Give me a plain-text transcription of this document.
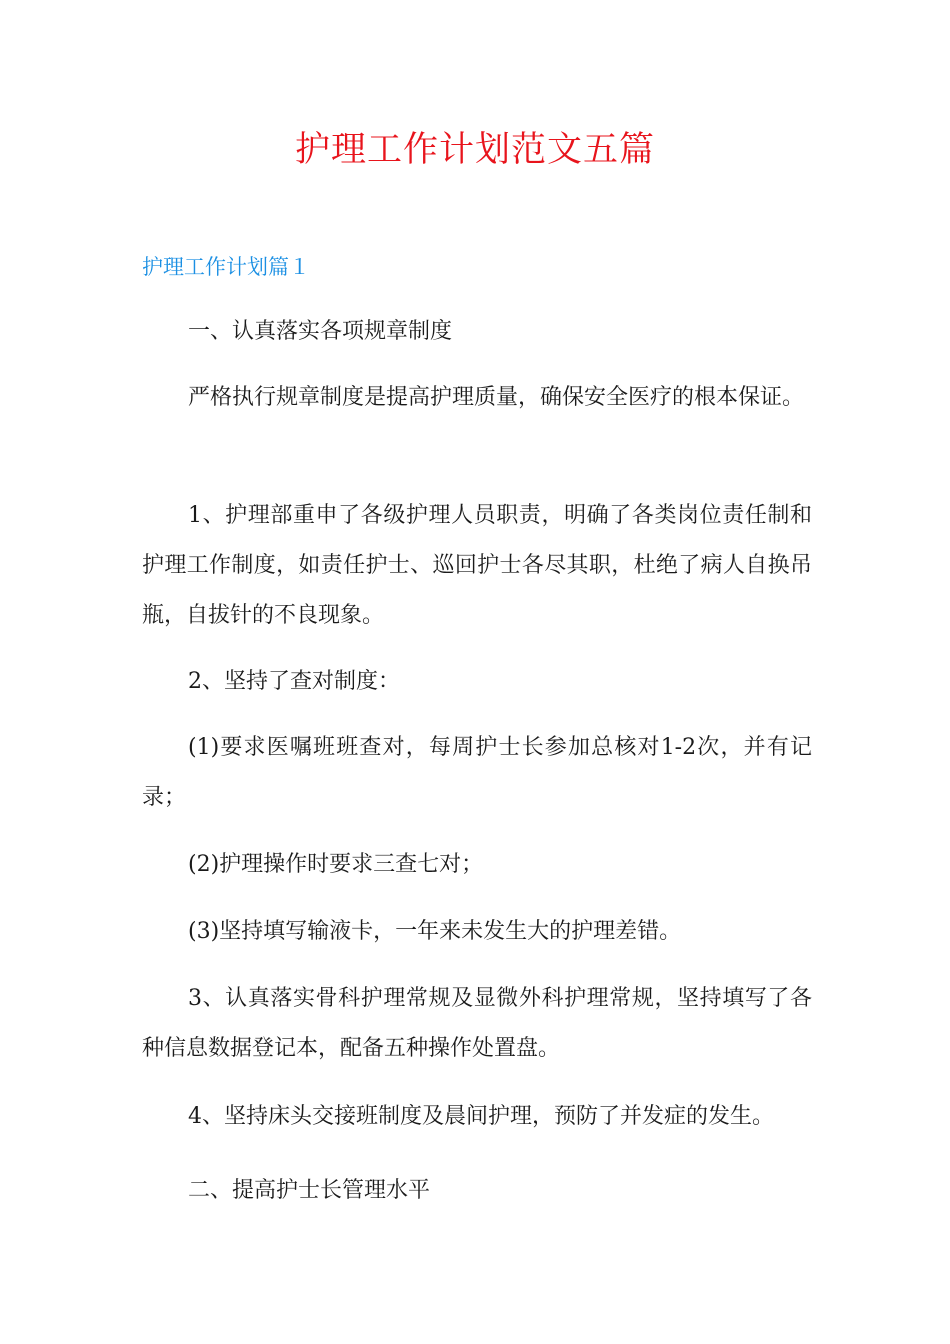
护理工作计划范文五篇
护理工作计划篇１

一、认真落实各项规章制度

严格执行规章制度是提高护理质量，确保安全医疗的根本保证。

1、护理部重申了各级护理人员职责，明确了各类岗位责任制和护理工作制度，如责任护士、巡回护士各尽其职，杜绝了病人自换吊瓶，自拔针的不良现象。

2、坚持了查对制度：

(1)要求医嘱班班查对，每周护士长参加总核对1-2次，并有记录；

(2)护理操作时要求三查七对；

(3)坚持填写输液卡，一年来未发生大的护理差错。

3、认真落实骨科护理常规及显微外科护理常规，坚持填写了各种信息数据登记本，配备五种操作处置盘。

4、坚持床头交接班制度及晨间护理，预防了并发症的发生。

二、提高护士长管理水平
